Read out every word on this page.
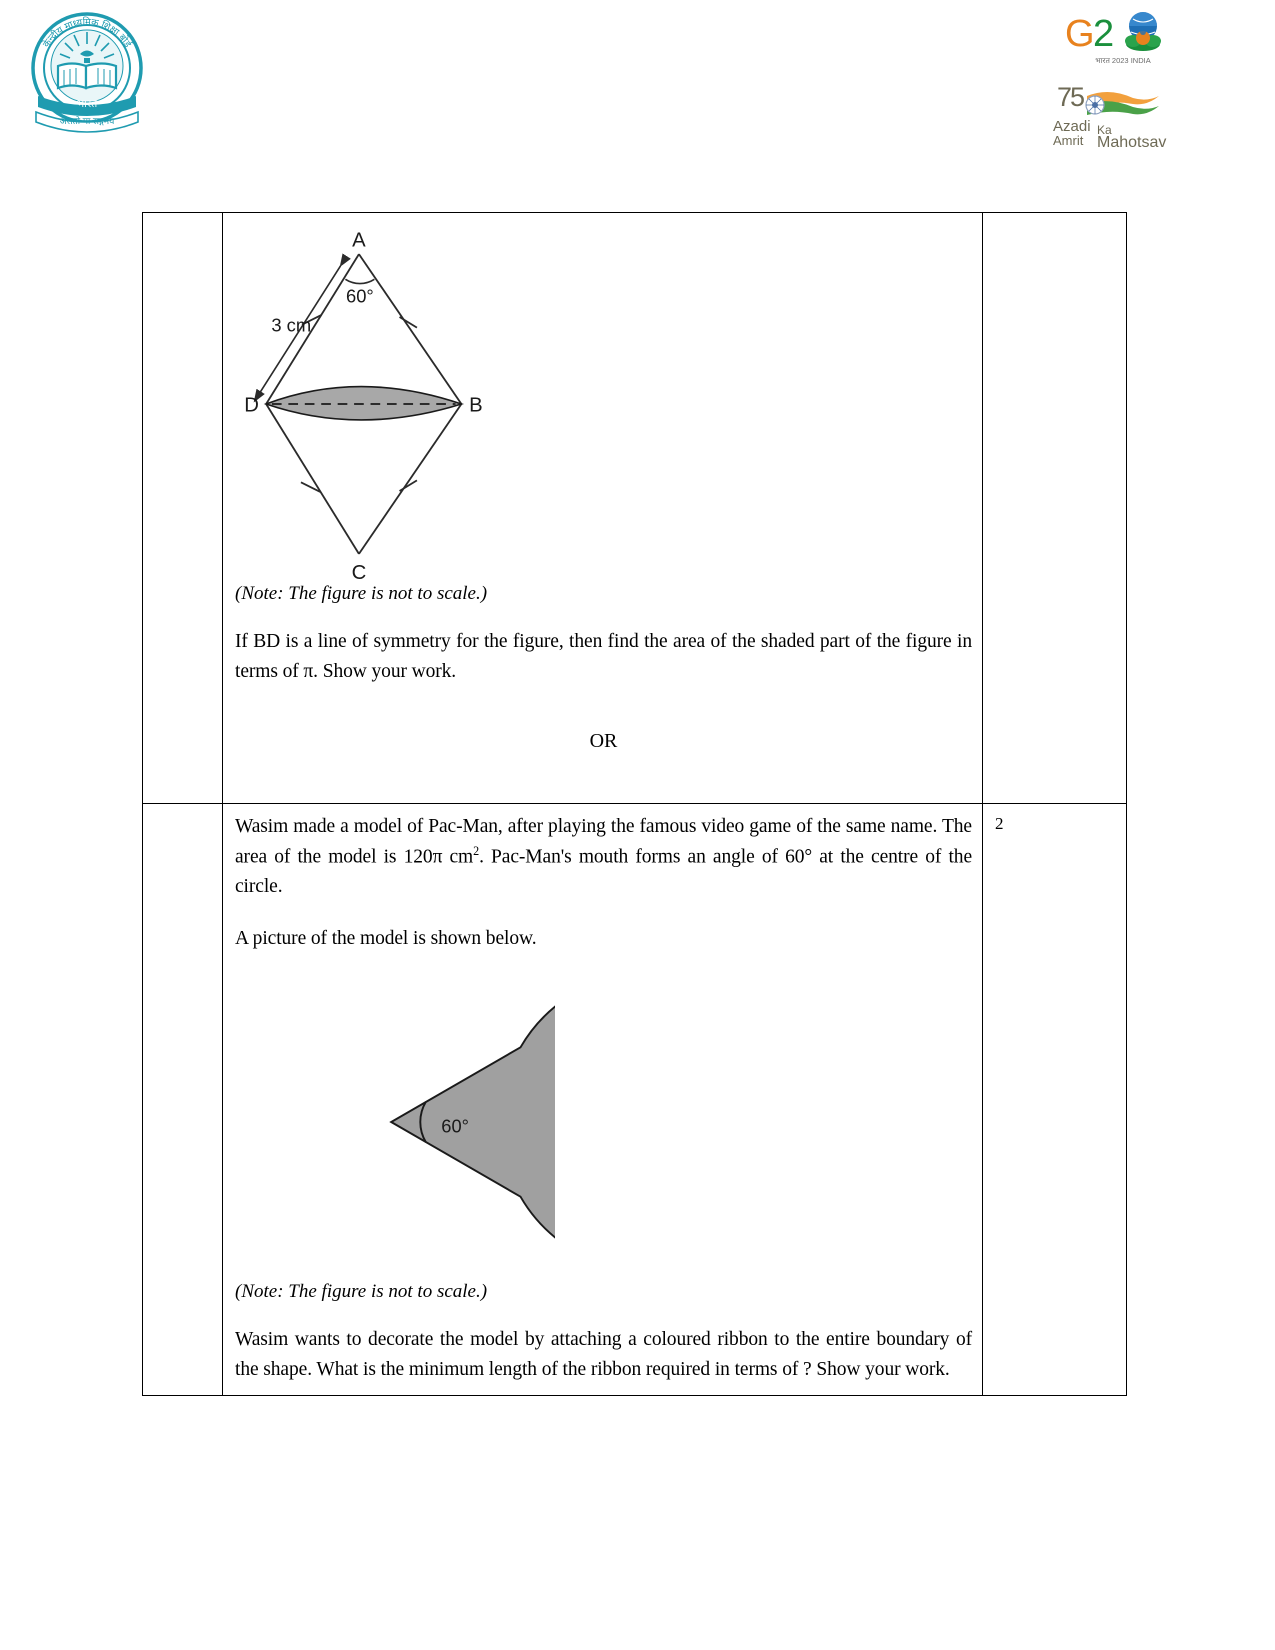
केन्द्रीय माध्यमिक शिक्षा बोर्ड
भारत
असतो मा सद्गमय
G 2
भारत 2023 INDIA
75
Azadi Ka
Amrit Mahotsav

60°
3 cm
A
B
C
D

(Note: The figure is not to scale.)

If BD is a line of symmetry for the figure, then find the area of the shaded part of the figure in terms of π. Show your work.

OR

	Wasim made a model of Pac-Man, after playing the famous video game of the same name. The area of the model is 120π $cm^2$. Pac-Man's mouth forms an angle of 60° at the centre of the circle.

A picture of the model is shown below.

60°

(Note: The figure is not to scale.)

Wasim wants to decorate the model by attaching a coloured ribbon to the entire boundary of the shape. What is the minimum length of the ribbon required in terms of ? Show your work.	2
